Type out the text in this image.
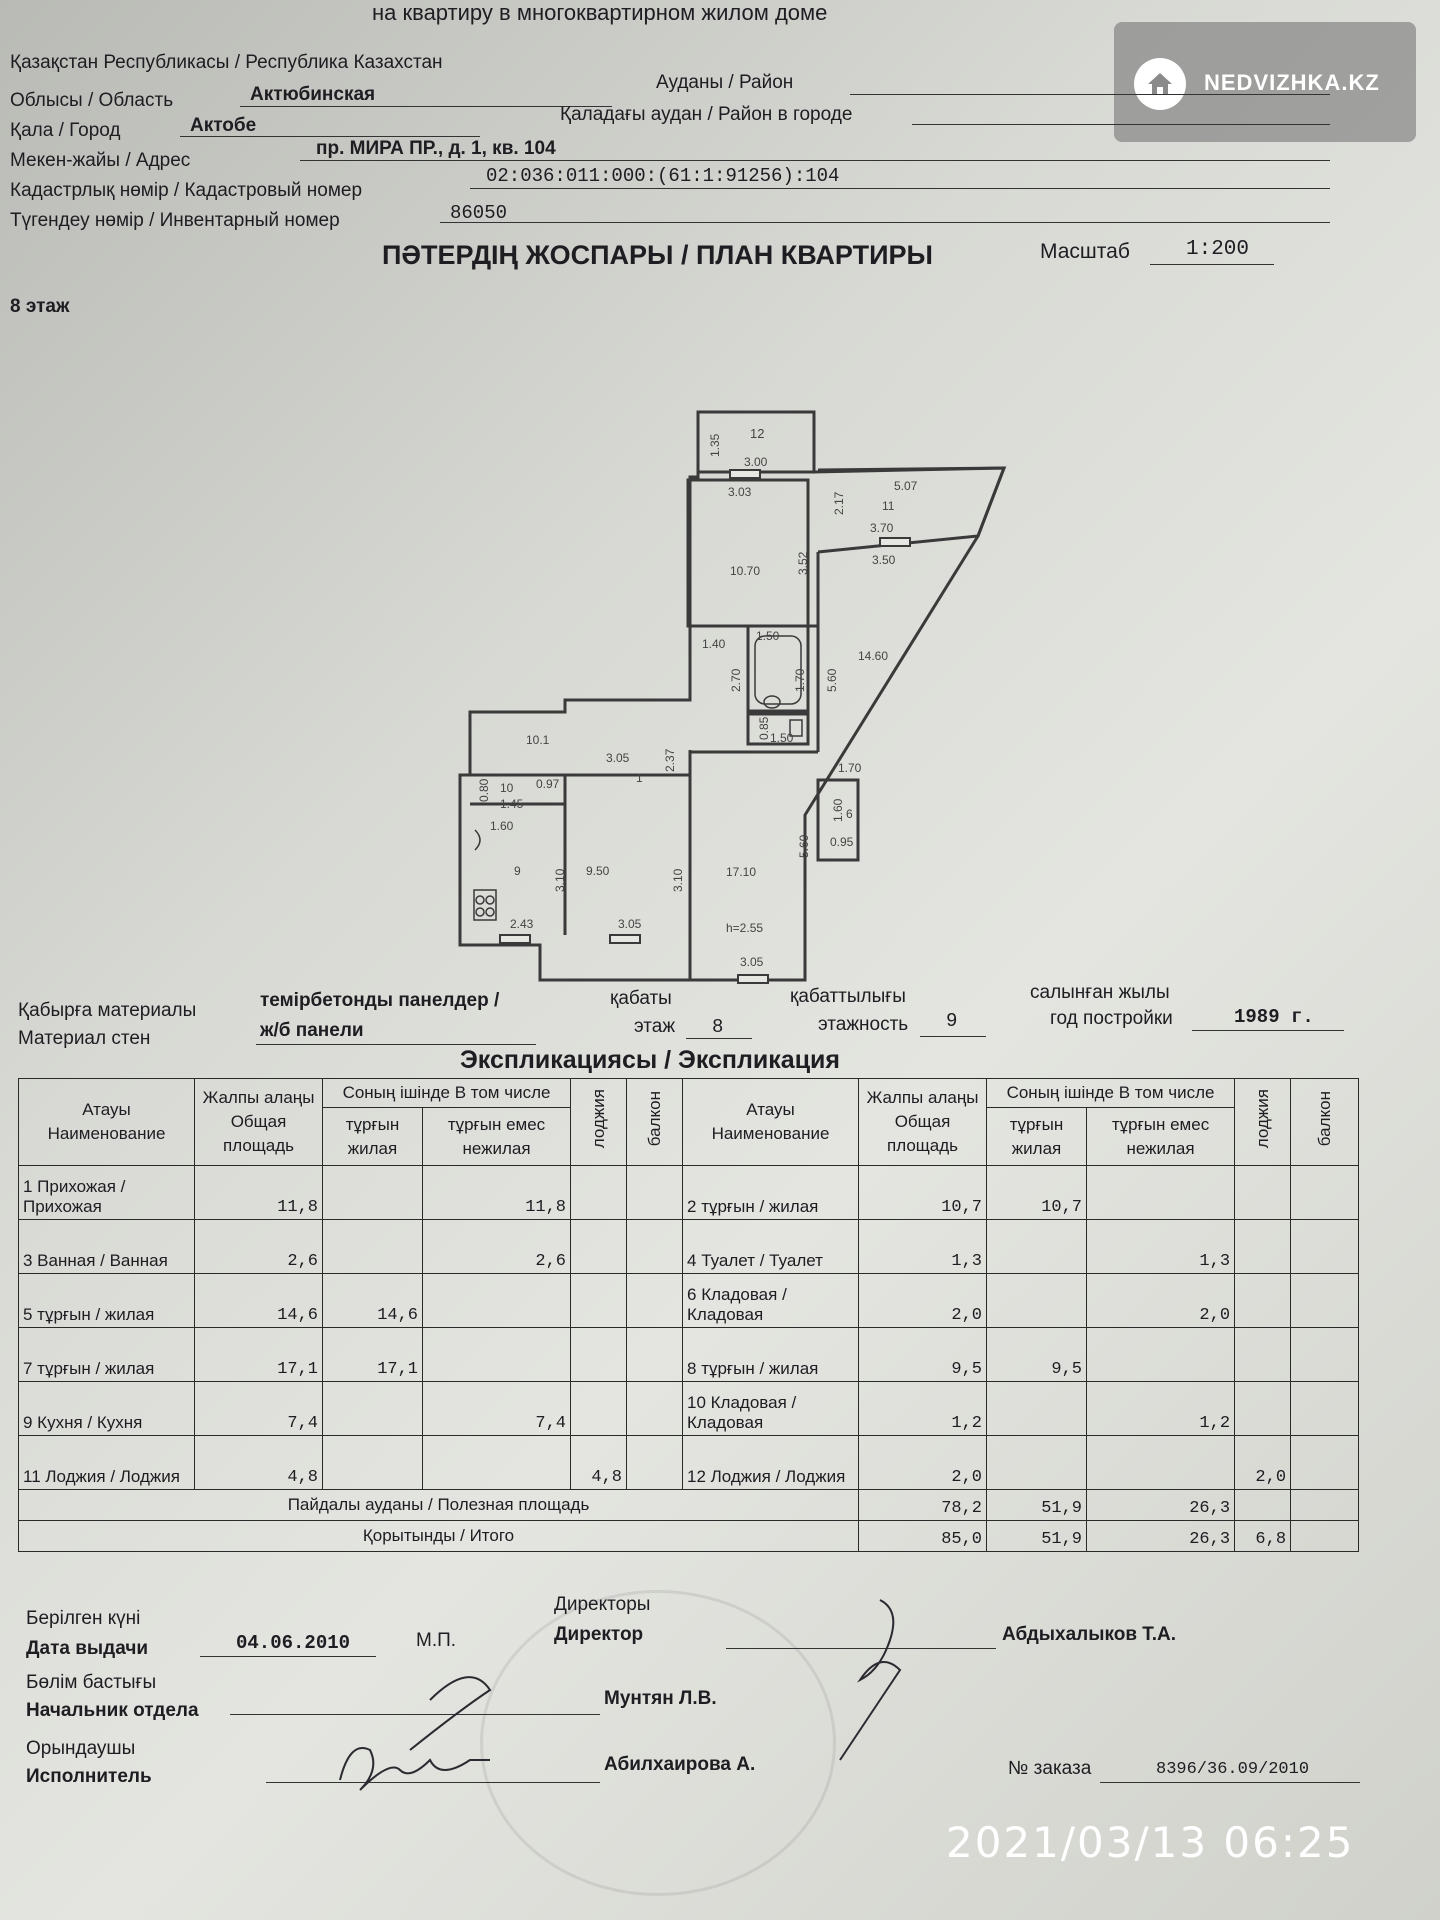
на квартиру в многоквартирном жилом доме
NEDVIZHKA.KZ
Қазақстан Республикасы / Республика Казахстан
Облысы / Область	Актюбинская
Ауданы / Район
Қала / Город	Актобе
Қаладағы аудан / Район в городе
Мекен-жайы / Адрес
пр. МИРА ПР., д. 1, кв. 104
Кадастрлық нөмір / Кадастровый номер
02:036:011:000:(61:1:91256):104
Түгендеу нөмір / Инвентарный номер	86050
ПӘТЕРДІҢ ЖОСПАРЫ / ПЛАН КВАРТИРЫ	Масштаб	1:200
8 этаж
1.35
12
3.00
3.03	2.17
5.07
11
3.70
3.50
3.52
10.70
1.40
1.50
2.70	1.70 5.60
14.60
0.85 1.50
1.70
10.1
3.05	2.37
1
0.80 10 0.97
1.45
1.60
1.60 6
0.95
9	3.10 9.50	3.10	17.10
5.60
2.43	3.05	h=2.55
3.05
Қабырға материалы
Материал стен
темірбетонды панелдер /
ж/б панели
қабаты
этаж 8
қабаттылығы
этажность 9
салынған жылы
год постройки	1989 г.
Экспликациясы / Экспликация
Атауы Наименование	Жалпы алаңы Общая площадь	Соның ішінде В том числе		лоджия	балкон	Атауы Наименование	Жалпы алаңы Общая площадь	Соның ішінде В том числе		лоджия	балкон
		тұрғын жилая	тұрғын емес нежилая					тұрғын жилая	тұрғын емес нежилая		
1 Прихожая / Прихожая	11,8		11,8			2 тұрғын / жилая	10,7	10,7			
3 Ванная / Ванная	2,6		2,6			4 Туалет / Туалет	1,3		1,3		
5 тұрғын / жилая	14,6	14,6				6 Кладовая / Кладовая	2,0		2,0		
7 тұрғын / жилая	17,1	17,1				8 тұрғын / жилая	9,5	9,5			
9 Кухня / Кухня	7,4		7,4			10 Кладовая / Кладовая	1,2		1,2		
11 Лоджия / Лоджия	4,8			4,8		12 Лоджия / Лоджия	2,0			2,0	
Пайдалы ауданы / Полезная площадь							78,2	51,9	26,3		
Қорытынды / Итого							85,0	51,9	26,3	6,8	
Берілген күні
Дата выдачи	04.06.2010	М.П.
Директоры
Директор	Абдыхалыков Т.А.
Бөлім бастығы
Начальник отдела
Мунтян Л.В.
Орындаушы
Исполнитель
Абилхаирова А.	№ заказа	8396/36.09/2010
2021/03/13 06:25
